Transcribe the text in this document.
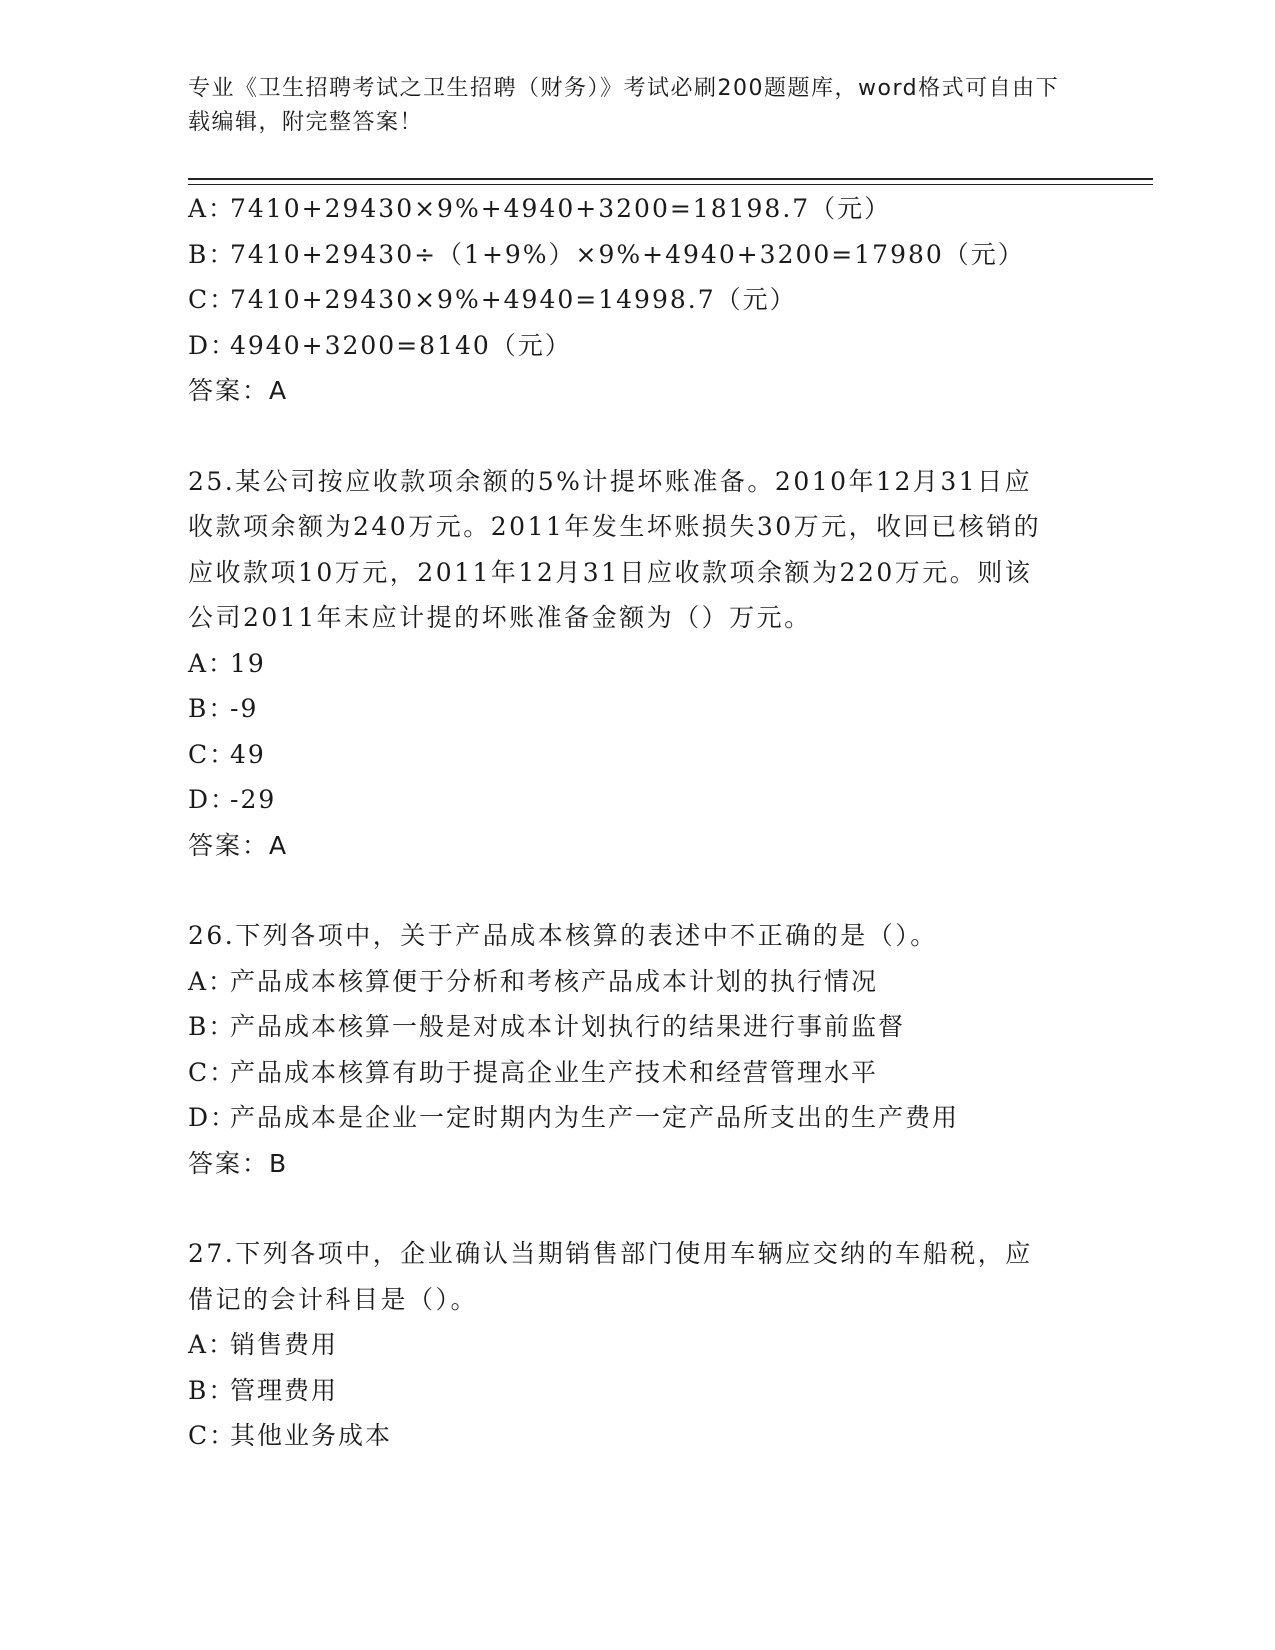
专业《卫生招聘考试之卫生招聘（财务）》考试必刷200题题库，word格式可自由下载编辑，附完整答案！
A：7410+29430×9%+4940+3200=18198.7（元）
B：7410+29430÷（1+9%）×9%+4940+3200=17980（元）
C：7410+29430×9%+4940=14998.7（元）
D：4940+3200=8140（元）
答案：A
25.某公司按应收款项余额的5%计提坏账准备。2010年12月31日应
收款项余额为240万元。2011年发生坏账损失30万元，收回已核销的
应收款项10万元，2011年12月31日应收款项余额为220万元。则该
公司2011年末应计提的坏账准备金额为（）万元。
A：19
B：-9
C：49
D：-29
答案：A
26.下列各项中，关于产品成本核算的表述中不正确的是（）。
A：产品成本核算便于分析和考核产品成本计划的执行情况
B：产品成本核算一般是对成本计划执行的结果进行事前监督
C：产品成本核算有助于提高企业生产技术和经营管理水平
D：产品成本是企业一定时期内为生产一定产品所支出的生产费用
答案：B
27.下列各项中，企业确认当期销售部门使用车辆应交纳的车船税，应
借记的会计科目是（）。
A：销售费用
B：管理费用
C：其他业务成本
